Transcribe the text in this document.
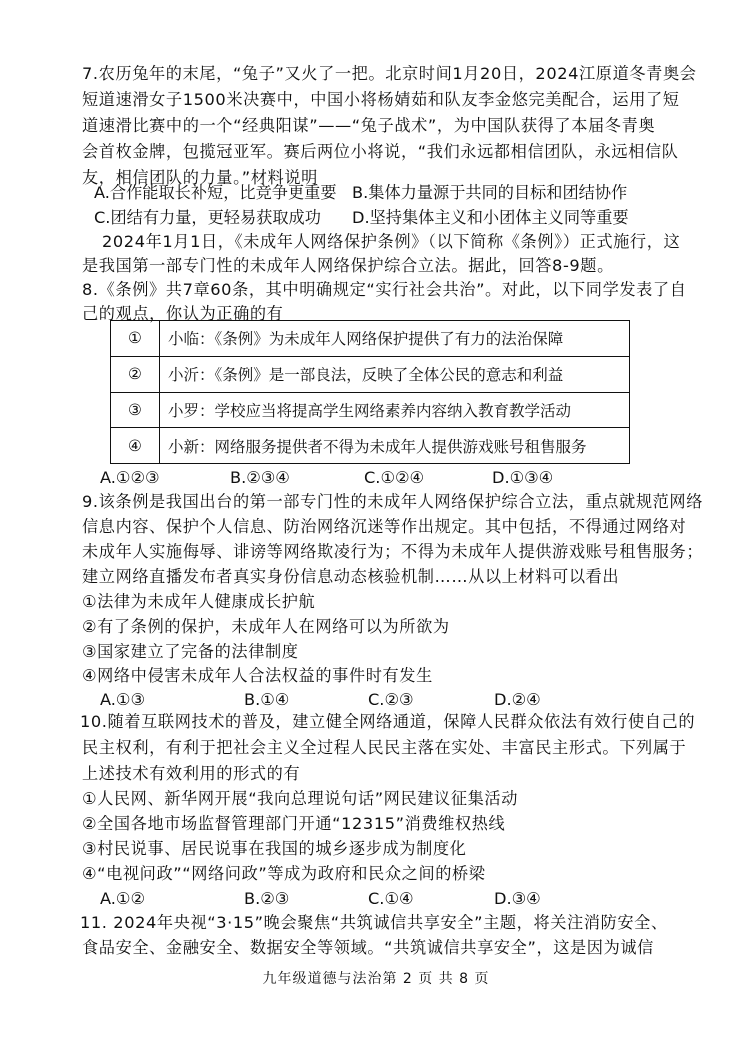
7.农历兔年的末尾，“兔子”又火了一把。北京时间1月20日，2024江原道冬青奥会
短道速滑女子1500米决赛中，中国小将杨婧茹和队友李金悠完美配合，运用了短
道速滑比赛中的一个“经典阳谋”——“兔子战术”，为中国队获得了本届冬青奥
会首枚金牌，包揽冠亚军。赛后两位小将说，“我们永远都相信团队，永远相信队
友，相信团队的力量。”材料说明
A.合作能取长补短，比竞争更重要 B.集体力量源于共同的目标和团结协作
C.团结有力量，更轻易获取成功 D.坚持集体主义和小团体主义同等重要
2024年1月1日，《未成年人网络保护条例》（以下简称《条例》）正式施行，这
是我国第一部专门性的未成年人网络保护综合立法。据此，回答8-9题。
8.《条例》共7章60条，其中明确规定“实行社会共治”。对此，以下同学发表了自
己的观点，你认为正确的有
①	小临：《条例》为未成年人网络保护提供了有力的法治保障
②	小沂：《条例》是一部良法，反映了全体公民的意志和利益
③	小罗：学校应当将提高学生网络素养内容纳入教育教学活动
④	小新：网络服务提供者不得为未成年人提供游戏账号租售服务
A.①②③	B.②③④	C.①②④	D.①③④
9.该条例是我国出台的第一部专门性的未成年人网络保护综合立法，重点就规范网络
信息内容、保护个人信息、防治网络沉迷等作出规定。其中包括，不得通过网络对
未成年人实施侮辱、诽谤等网络欺凌行为；不得为未成年人提供游戏账号租售服务；
建立网络直播发布者真实身份信息动态核验机制……从以上材料可以看出
①法律为未成年人健康成长护航
②有了条例的保护，未成年人在网络可以为所欲为
③国家建立了完备的法律制度
④网络中侵害未成年人合法权益的事件时有发生
A.①③	B.①④	C.②③	D.②④
10.随着互联网技术的普及，建立健全网络通道，保障人民群众依法有效行使自己的
民主权利，有利于把社会主义全过程人民民主落在实处、丰富民主形式。下列属于
上述技术有效利用的形式的有
①人民网、新华网开展“我向总理说句话”网民建议征集活动
②全国各地市场监督管理部门开通“12315”消费维权热线
③村民说事、居民说事在我国的城乡逐步成为制度化
④“电视问政”“网络问政”等成为政府和民众之间的桥梁
A.①②	B.②③	C.①④	D.③④
11. 2024年央视“3·15”晚会聚焦“共筑诚信共享安全”主题，将关注消防安全、
食品安全、金融安全、数据安全等领域。“共筑诚信共享安全”，这是因为诚信
九年级道德与法治第 2 页 共 8 页
